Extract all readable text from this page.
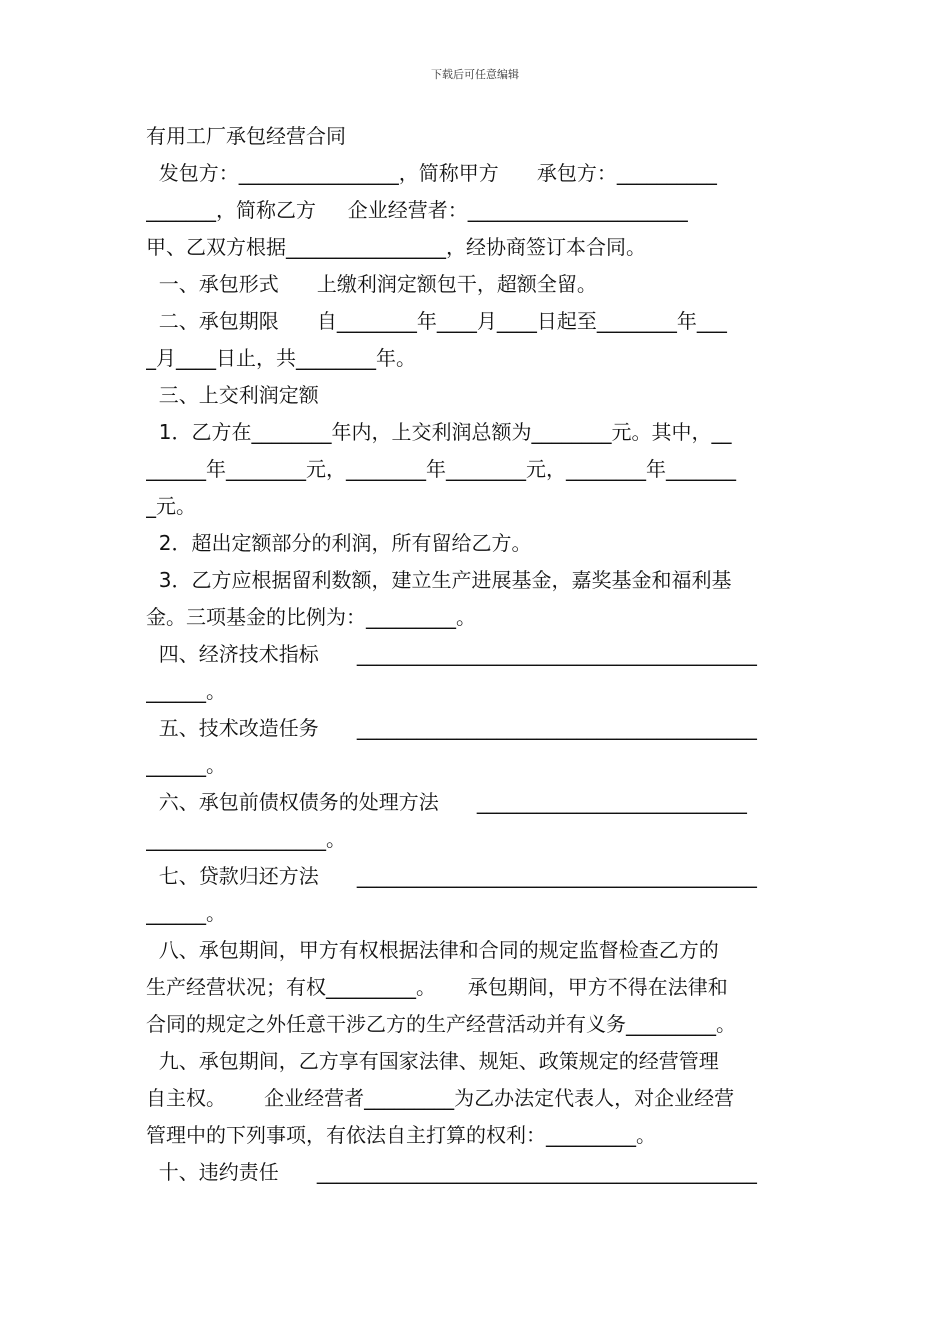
下载后可任意编辑
有用工厂承包经营合同
发包方：________________，简称甲方      承包方：__________
_______，简称乙方     企业经营者：______________________
甲、乙双方根据________________，经协商签订本合同。
一、承包形式      上缴利润定额包干，超额全留。
二、承包期限      自________年____月____日起至________年___
_月____日止，共________年。
三、上交利润定额
1．乙方在________年内，上交利润总额为________元。其中，__
______年________元，________年________元，________年_______
_元。
2．超出定额部分的利润，所有留给乙方。
3．乙方应根据留利数额，建立生产进展基金，嘉奖基金和福利基
金。三项基金的比例为：_________。
四、经济技术指标      ________________________________________
______。
五、技术改造任务      ________________________________________
______。
六、承包前债权债务的处理方法      ___________________________
__________________。
七、贷款归还方法      ________________________________________
______。
八、承包期间，甲方有权根据法律和合同的规定监督检查乙方的
生产经营状况；有权_________。     承包期间，甲方不得在法律和
合同的规定之外任意干涉乙方的生产经营活动并有义务_________。
九、承包期间，乙方享有国家法律、规矩、政策规定的经营管理
自主权。      企业经营者_________为乙办法定代表人，对企业经营
管理中的下列事项，有依法自主打算的权利：_________。
十、违约责任      ____________________________________________
